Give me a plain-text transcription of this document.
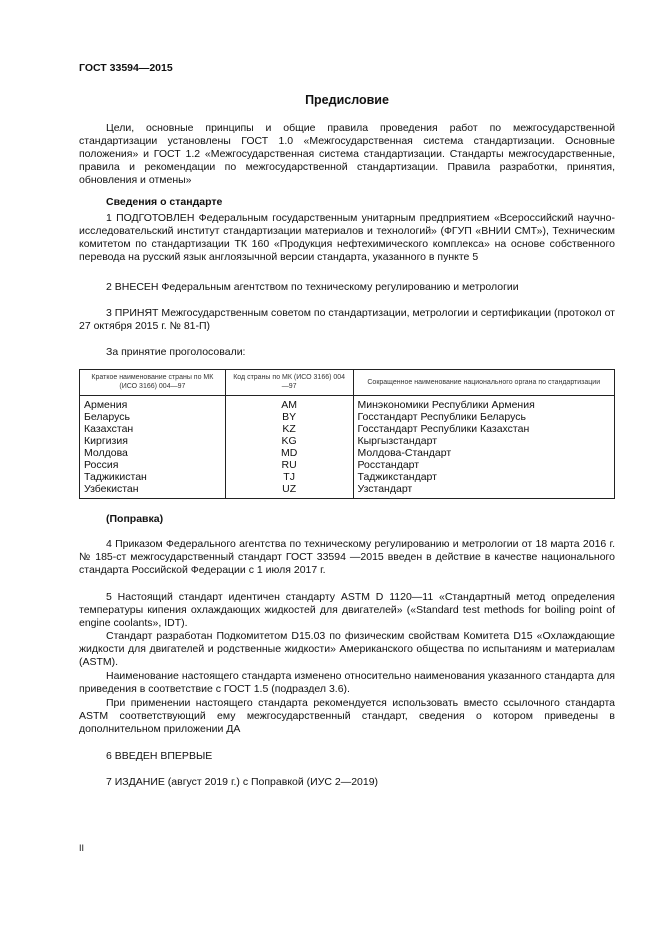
ГОСТ 33594—2015
Предисловие

Цели, основные принципы и общие правила проведения работ по межгосударственной стандартизации установлены ГОСТ 1.0 «Межгосударственная система стандартизации. Основные положения» и ГОСТ 1.2 «Межгосударственная система стандартизации. Стандарты межгосударственные, правила и рекомендации по межгосударственной стандартизации. Правила разработки, принятия, обновления и отмены»

Сведения о стандарте

1 ПОДГОТОВЛЕН Федеральным государственным унитарным предприятием «Всероссийский научно-исследовательский институт стандартизации материалов и технологий» (ФГУП «ВНИИ СМТ»), Техническим комитетом по стандартизации ТК 160 «Продукция нефтехимического комплекса» на основе собственного перевода на русский язык англоязычной версии стандарта, указанного в пункте 5

2 ВНЕСЕН Федеральным агентством по техническому регулированию и метрологии

3 ПРИНЯТ Межгосударственным советом по стандартизации, метрологии и сертификации (протокол от 27 октября 2015 г. № 81-П)

За принятие проголосовали:

Краткое наименование страны по МК (ИСО 3166) 004—97	Код страны по МК (ИСО 3166) 004—97	Сокращенное наименование национального органа по стандартизации
Армения	AM	Минэкономики Республики Армения
Беларусь	BY	Госстандарт Республики Беларусь
Казахстан	KZ	Госстандарт Республики Казахстан
Киргизия	KG	Кыргызстандарт
Молдова	MD	Молдова-Стандарт
Россия	RU	Росстандарт
Таджикистан	TJ	Таджикстандарт
Узбекистан	UZ	Узстандарт
(Поправка)

4 Приказом Федерального агентства по техническому регулированию и метрологии от 18 марта 2016 г. № 185-ст межгосударственный стандарт ГОСТ 33594 —2015 введен в действие в качестве национального стандарта Российской Федерации с 1 июля 2017 г.

5 Настоящий стандарт идентичен стандарту ASTM D 1120—11 «Стандартный метод определения температуры кипения охлаждающих жидкостей для двигателей» («Standard test methods for boiling point of engine coolants», IDT).

Стандарт разработан Подкомитетом D15.03 по физическим свойствам Комитета D15 «Охлаждающие жидкости для двигателей и родственные жидкости» Американского общества по испытаниям и материалам (ASTM).

Наименование настоящего стандарта изменено относительно наименования указанного стандарта для приведения в соответствие с ГОСТ 1.5 (подраздел 3.6).

При применении настоящего стандарта рекомендуется использовать вместо ссылочного стандарта ASTM соответствующий ему межгосударственный стандарт, сведения о котором приведены в дополнительном приложении ДА

6 ВВЕДЕН ВПЕРВЫЕ

7 ИЗДАНИЕ (август 2019 г.) с Поправкой (ИУС 2—2019)

II
